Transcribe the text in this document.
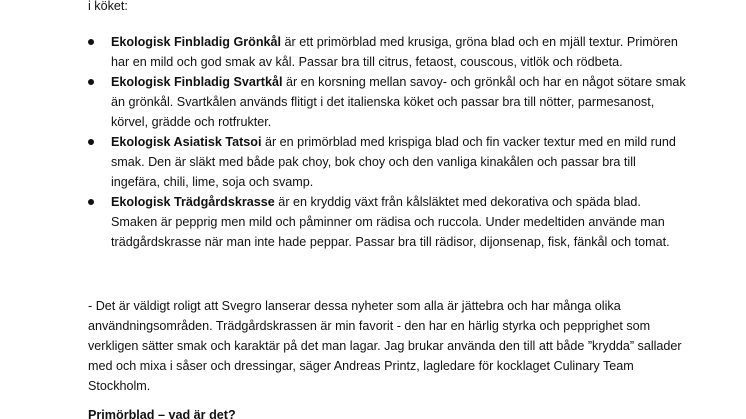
i köket:

Ekologisk Finbladig Grönkål är ett primörblad med krusiga, gröna blad och en mjäll textur. Primören har en mild och god smak av kål. Passar bra till citrus, fetaost, couscous, vitlök och rödbeta.
Ekologisk Finbladig Svartkål är en korsning mellan savoy- och grönkål och har en något sötare smak än grönkål. Svartkålen används flitigt i det italienska köket och passar bra till nötter, parmesanost, körvel, grädde och rotfrukter.
Ekologisk Asiatisk Tatsoi är en primörblad med krispiga blad och fin vacker textur med en mild rund smak. Den är släkt med både pak choy, bok choy och den vanliga kinakålen och passar bra till ingefära, chili, lime, soja och svamp.
Ekologisk Trädgårdskrasse är en kryddig växt från kålsläktet med dekorativa och späda blad. Smaken är pepprig men mild och påminner om rädisa och ruccola. Under medeltiden använde man trädgårdskrasse när man inte hade peppar. Passar bra till rädisor, dijonsenap, fisk, fänkål och tomat.

- Det är väldigt roligt att Svegro lanserar dessa nyheter som alla är jättebra och har många olika användningsområden. Trädgårdskrassen är min favorit - den har en härlig styrka och pepprighet som verkligen sätter smak och karaktär på det man lagar. Jag brukar använda den till att både ”krydda” sallader med och mixa i såser och dressingar, säger Andreas Printz, lagledare för kocklaget Culinary Team Stockholm.

Primörblad – vad är det?
